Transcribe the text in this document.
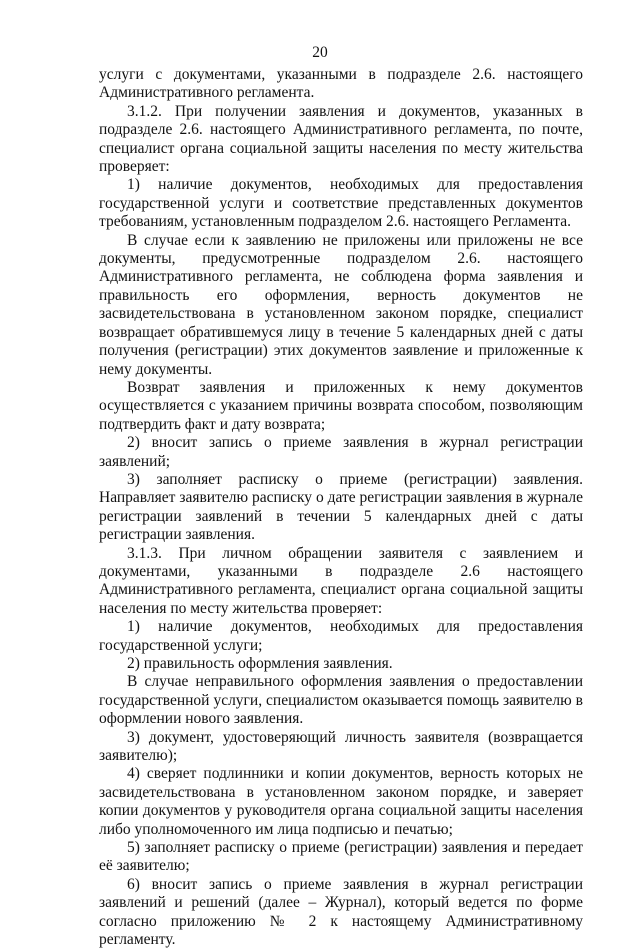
20

услуги с документами, указанными в подразделе 2.6. настоящего Административного регламента.

3.1.2. При получении заявления и документов, указанных в подразделе 2.6. настоящего Административного регламента, по почте, специалист органа социальной защиты населения по месту жительства проверяет:

1) наличие документов, необходимых для предоставления государственной услуги и соответствие представленных документов требованиям, установленным подразделом 2.6. настоящего Регламента.

В случае если к заявлению не приложены или приложены не все документы, предусмотренные подразделом 2.6. настоящего Административного регламента, не соблюдена форма заявления и правильность его оформления, верность документов не засвидетельствована в установленном законом порядке, специалист возвращает обратившемуся лицу в течение 5 календарных дней с даты получения (регистрации) этих документов заявление и приложенные к нему документы.

Возврат заявления и приложенных к нему документов осуществляется с указанием причины возврата способом, позволяющим подтвердить факт и дату возврата;

2) вносит запись о приеме заявления в журнал регистрации заявлений;

3) заполняет расписку о приеме (регистрации) заявления. Направляет заявителю расписку о дате регистрации заявления в журнале регистрации заявлений в течении 5 календарных дней с даты регистрации заявления.

3.1.3. При личном обращении заявителя с заявлением и документами, указанными в подразделе 2.6 настоящего Административного регламента, специалист органа социальной защиты населения по месту жительства проверяет:

1) наличие документов, необходимых для предоставления государственной услуги;

2) правильность оформления заявления.

В случае неправильного оформления заявления о предоставлении государственной услуги, специалистом оказывается помощь заявителю в оформлении нового заявления.

3) документ, удостоверяющий личность заявителя (возвращается заявителю);

4) сверяет подлинники и копии документов, верность которых не засвидетельствована в установленном законом порядке, и заверяет копии документов у руководителя органа социальной защиты населения либо уполномоченного им лица подписью и печатью;

5) заполняет расписку о приеме (регистрации) заявления и передает её заявителю;

6) вносит запись о приеме заявления в журнал регистрации заявлений и решений (далее – Журнал), который ведется по форме согласно приложению № 2 к настоящему Административному регламенту.
